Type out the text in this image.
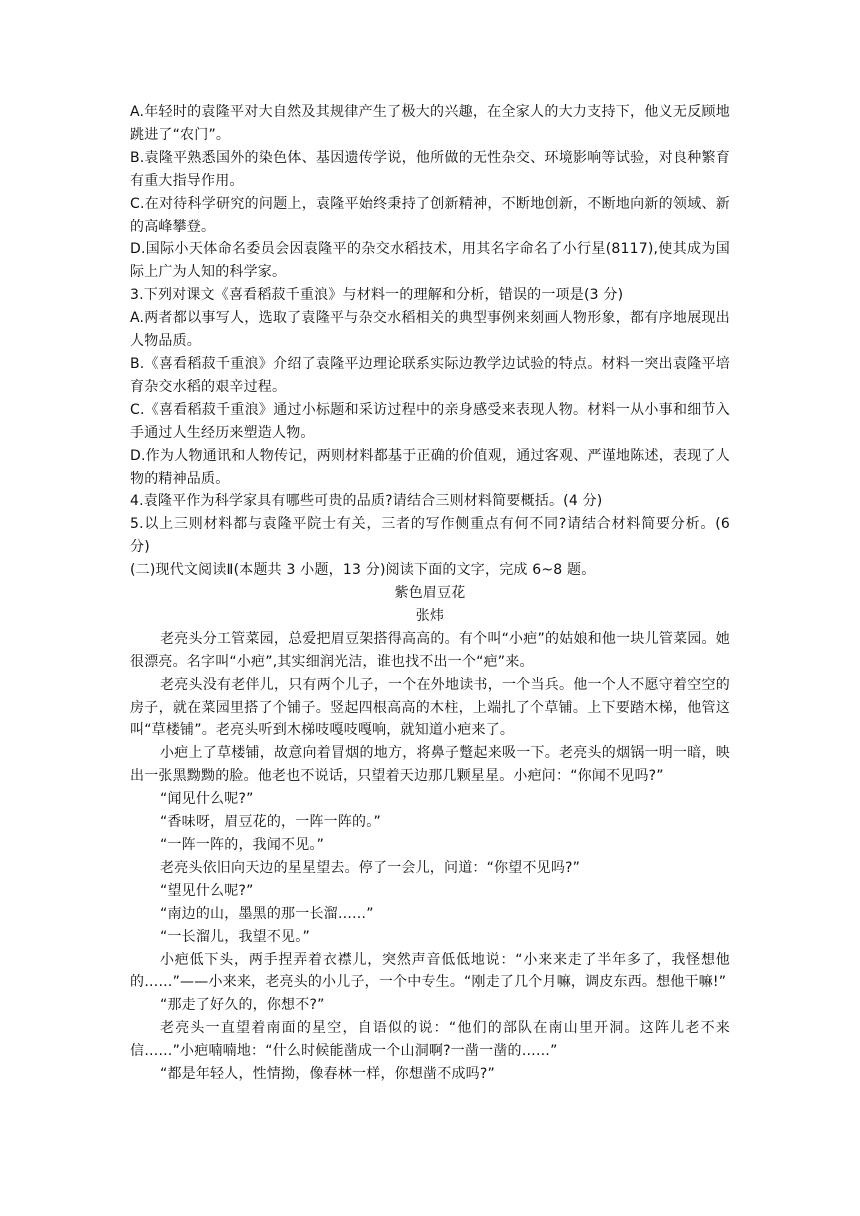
A.年轻时的袁隆平对大自然及其规律产生了极大的兴趣，在全家人的大力支持下，他义无反顾地跳进了“农门”。

B.袁隆平熟悉国外的染色体、基因遗传学说，他所做的无性杂交、环境影响等试验，对良种繁育有重大指导作用。

C.在对待科学研究的问题上，袁隆平始终秉持了创新精神，不断地创新，不断地向新的领域、新的高峰攀登。

D.国际小天体命名委员会因袁隆平的杂交水稻技术，用其名字命名了小行星(8117),使其成为国际上广为人知的科学家。

3.下列对课文《喜看稻菽千重浪》与材料一的理解和分析，错误的一项是(3 分)

A.两者都以事写人，选取了袁隆平与杂交水稻相关的典型事例来刻画人物形象，都有序地展现出人物品质。

B.《喜看稻菽千重浪》介绍了袁隆平边理论联系实际边教学边试验的特点。材料一突出袁隆平培育杂交水稻的艰辛过程。

C.《喜看稻菽千重浪》通过小标题和采访过程中的亲身感受来表现人物。材料一从小事和细节入手通过人生经历来塑造人物。

D.作为人物通讯和人物传记，两则材料都基于正确的价值观，通过客观、严谨地陈述，表现了人物的精神品质。

4.袁隆平作为科学家具有哪些可贵的品质?请结合三则材料简要概括。(4 分)

5.以上三则材料都与袁隆平院士有关，三者的写作侧重点有何不同?请结合材料简要分析。(6 分)

(二)现代文阅读Ⅱ(本题共 3 小题，13 分)阅读下面的文字，完成 6~8 题。

紫色眉豆花

张炜

老亮头分工管菜园，总爱把眉豆架搭得高高的。有个叫“小疤”的姑娘和他一块儿管菜园。她很漂亮。名字叫“小疤”,其实细润光洁，谁也找不出一个“疤”来。

老亮头没有老伴儿，只有两个儿子，一个在外地读书，一个当兵。他一个人不愿守着空空的房子，就在菜园里搭了个铺子。竖起四根高高的木柱，上端扎了个草铺。上下要踏木梯，他管这叫“草楼铺”。老亮头听到木梯吱嘎吱嘎响，就知道小疤来了。

小疤上了草楼铺，故意向着冒烟的地方，将鼻子蹩起来吸一下。老亮头的烟锅一明一暗，映出一张黑黝黝的脸。他老也不说话，只望着天边那几颗星星。小疤问：“你闻不见吗?”

“闻见什么呢?”

“香味呀，眉豆花的，一阵一阵的。”

“一阵一阵的，我闻不见。”

老亮头依旧向天边的星星望去。停了一会儿，问道：“你望不见吗?”

“望见什么呢?”

“南边的山，墨黑的那一长溜……”

“一长溜儿，我望不见。”

小疤低下头，两手捏弄着衣襟儿，突然声音低低地说：“小来来走了半年多了，我怪想他的……”——小来来，老亮头的小儿子，一个中专生。“刚走了几个月嘛，调皮东西。想他干嘛!”

“那走了好久的，你想不?”

老亮头一直望着南面的星空，自语似的说：“他们的部队在南山里开洞。这阵儿老不来信……”小疤喃喃地：“什么时候能凿成一个山洞啊?一凿一凿的……”

“都是年轻人，性情拗，像春林一样，你想凿不成吗?”
